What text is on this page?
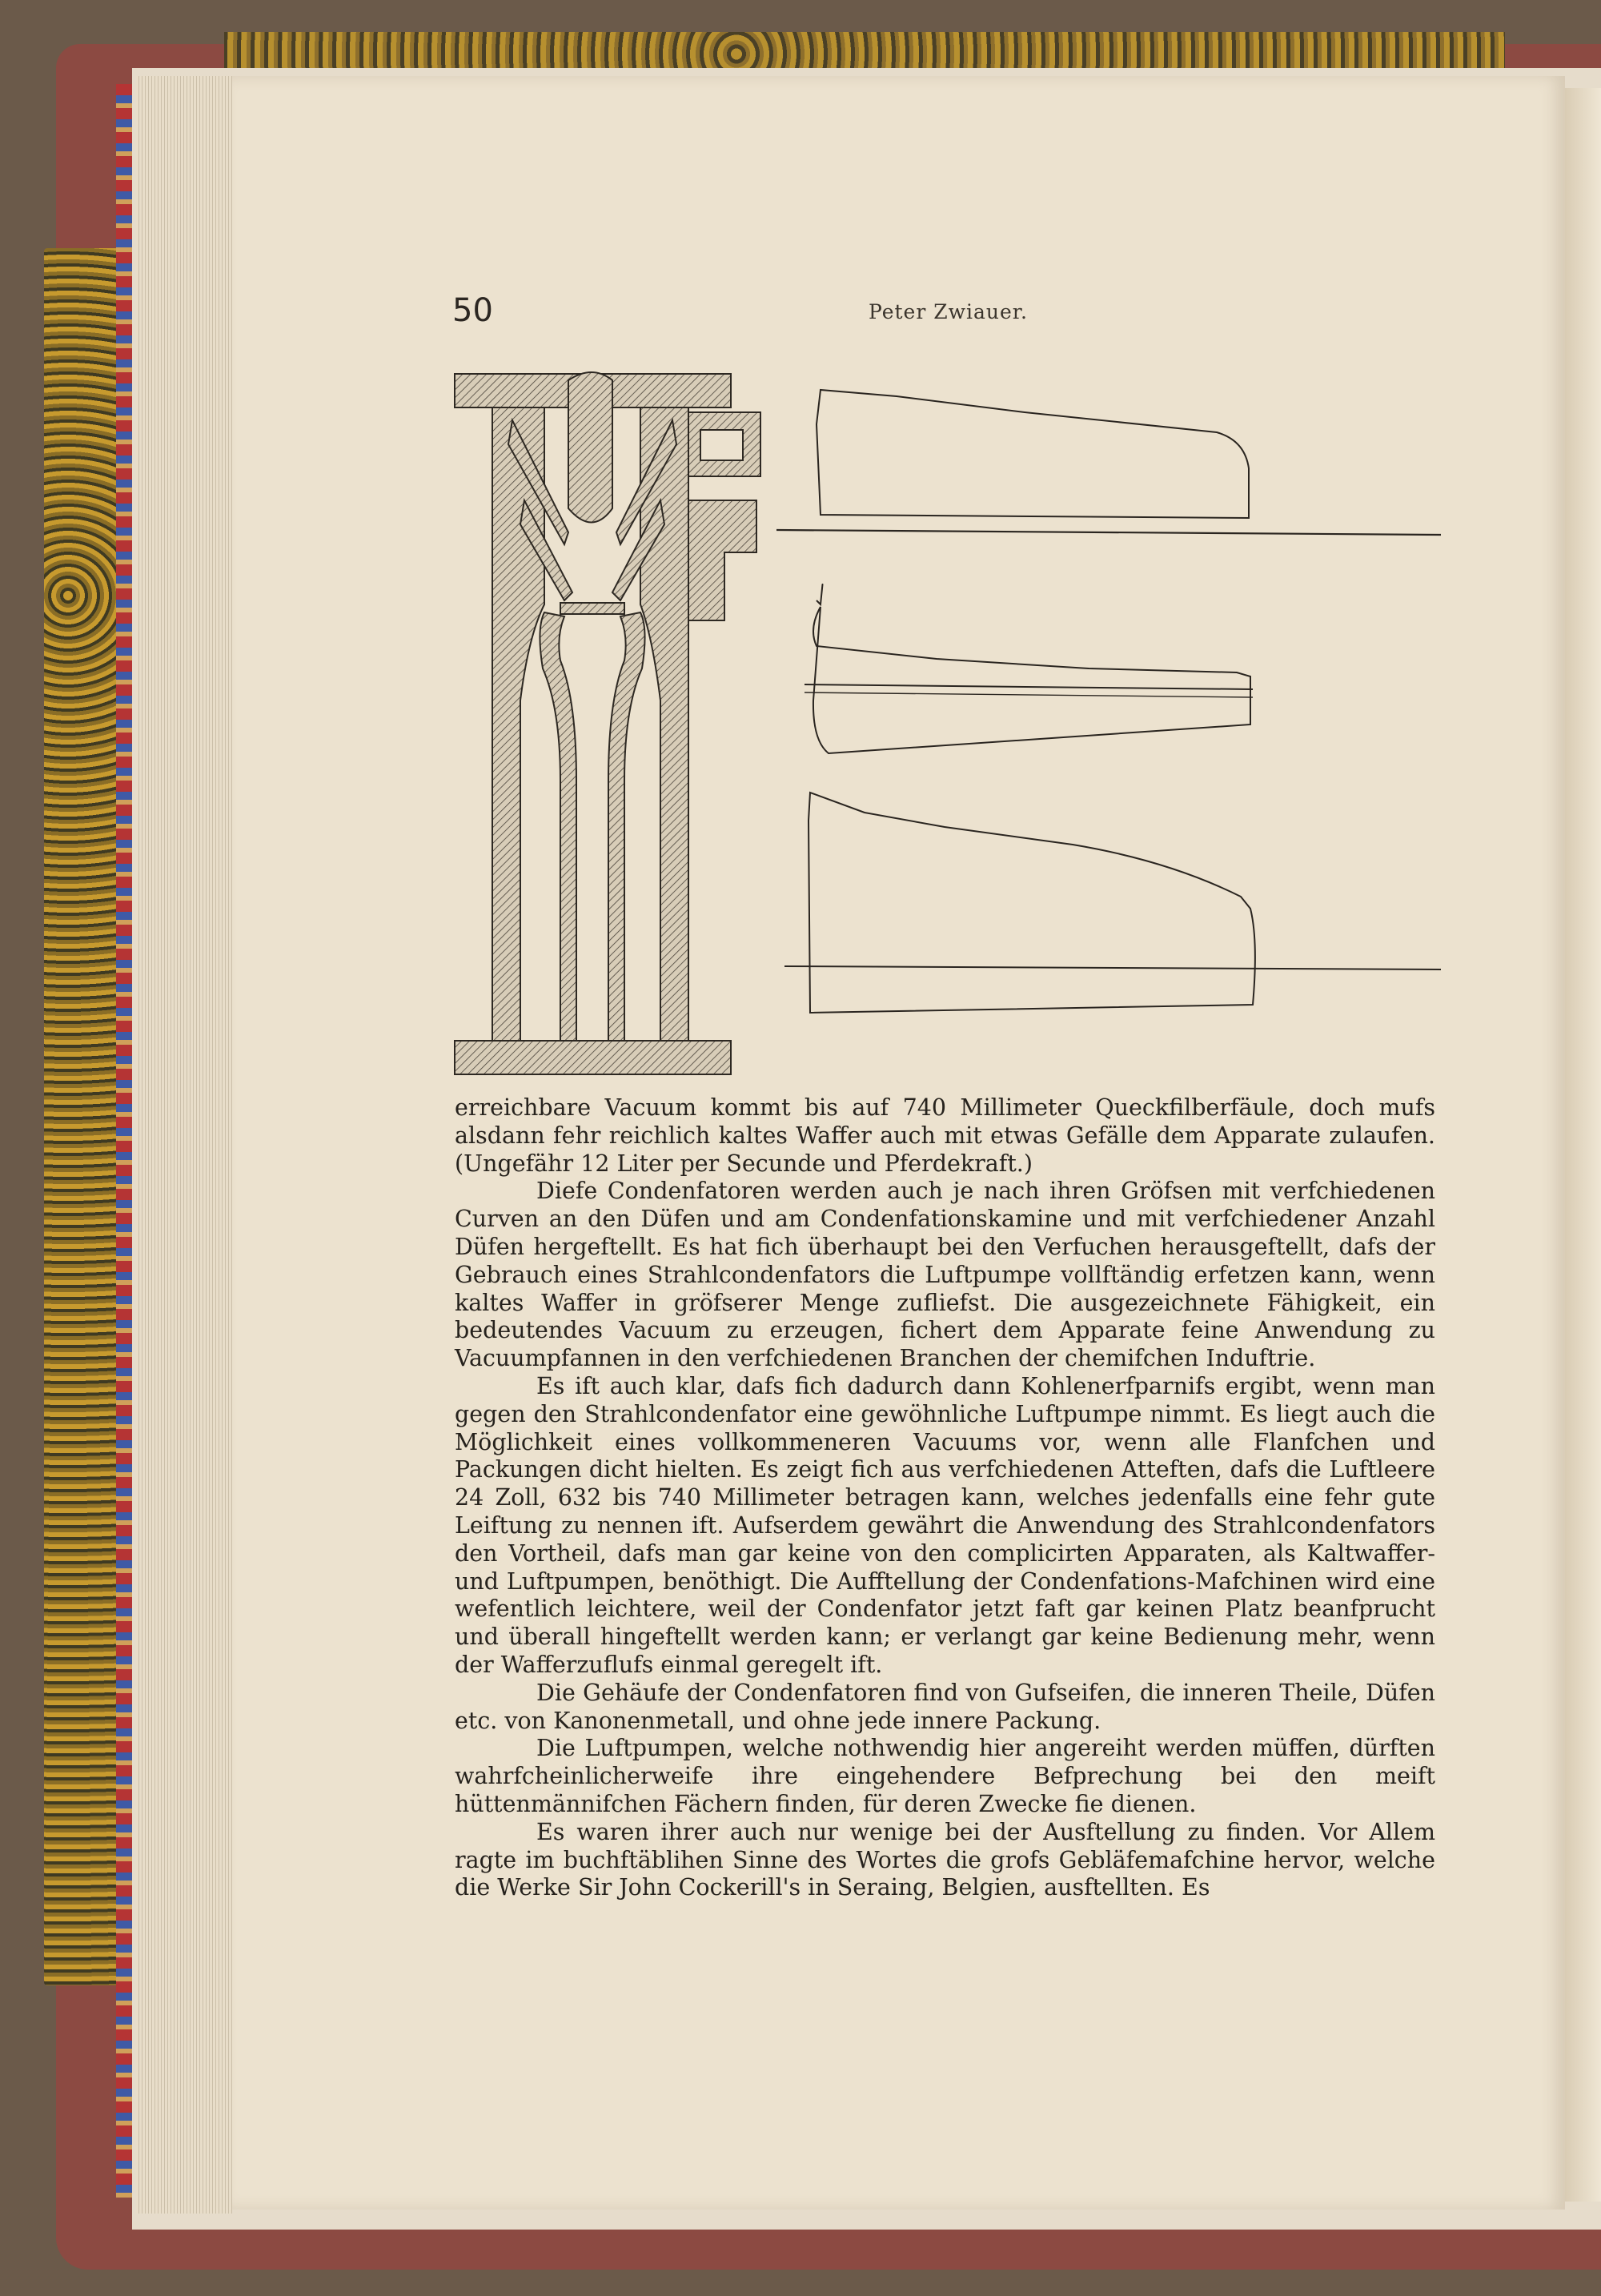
50	Peter Zwiauer.

erreichbare Vacuum kommt bis auf 740 Millimeter Queckfilberfäule, doch mufs alsdann fehr reichlich kaltes Waffer auch mit etwas Gefälle dem Apparate zulaufen. (Ungefähr 12 Liter per Secunde und Pferdekraft.)

Diefe Condenfatoren werden auch je nach ihren Gröfsen mit verfchiedenen Curven an den Düfen und am Condenfationskamine und mit verfchiedener Anzahl Düfen hergeftellt. Es hat fich überhaupt bei den Verfuchen herausgeftellt, dafs der Gebrauch eines Strahlcondenfators die Luftpumpe vollftändig erfetzen kann, wenn kaltes Waffer in gröfserer Menge zufliefst. Die ausgezeichnete Fähigkeit, ein bedeutendes Vacuum zu erzeugen, fichert dem Apparate feine Anwendung zu Vacuumpfannen in den verfchiedenen Branchen der chemifchen Induftrie.

Es ift auch klar, dafs fich dadurch dann Kohlenerfparnifs ergibt, wenn man gegen den Strahlcondenfator eine gewöhnliche Luftpumpe nimmt. Es liegt auch die Möglichkeit eines vollkommeneren Vacuums vor, wenn alle Flanfchen und Packungen dicht hielten. Es zeigt fich aus verfchiedenen Atteften, dafs die Luftleere 24 Zoll, 632 bis 740 Millimeter betragen kann, welches jedenfalls eine fehr gute Leiftung zu nennen ift. Aufserdem gewährt die Anwendung des Strahlcondenfators den Vortheil, dafs man gar keine von den complicirten Apparaten, als Kaltwaffer- und Luftpumpen, benöthigt. Die Aufftellung der Condenfations-Mafchinen wird eine wefentlich leichtere, weil der Condenfator jetzt faft gar keinen Platz beanfprucht und überall hingeftellt werden kann; er verlangt gar keine Bedienung mehr, wenn der Wafferzuflufs einmal geregelt ift.

Die Gehäufe der Condenfatoren find von Gufseifen, die inneren Theile, Düfen etc. von Kanonenmetall, und ohne jede innere Packung.

Die Luftpumpen, welche nothwendig hier angereiht werden müffen, dürften wahrfcheinlicherweife ihre eingehendere Befprechung bei den meift hüttenmännifchen Fächern finden, für deren Zwecke fie dienen.

Es waren ihrer auch nur wenige bei der Ausftellung zu finden. Vor Allem ragte im buchftäblihen Sinne des Wortes die grofs Gebläfemafchine hervor, welche die Werke Sir John Cockerill's in Seraing, Belgien, ausftellten. Es
